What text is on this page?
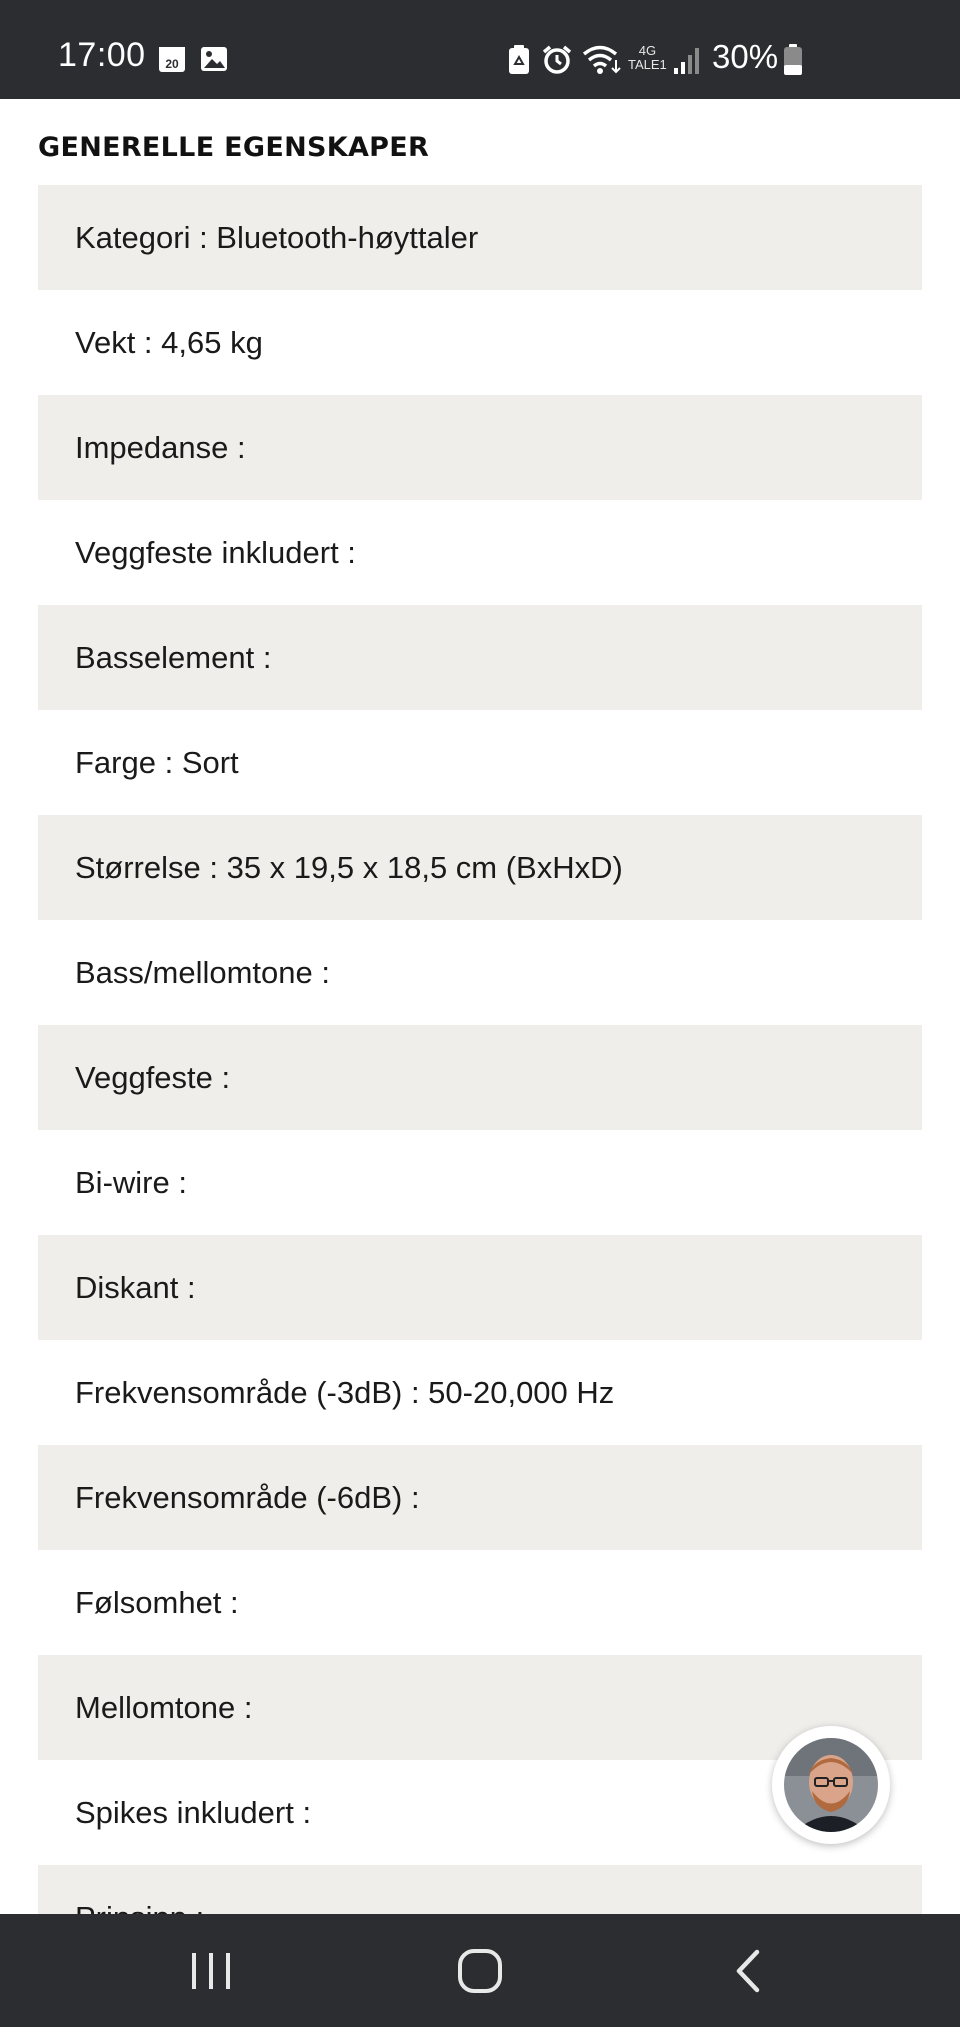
17:00 20
4G
TALE1 30%
GENERELLE EGENSKAPER
Kategori : Bluetooth-høyttaler
Vekt : 4,65 kg
Impedanse :
Veggfeste inkludert :
Basselement :
Farge : Sort
Størrelse : 35 x 19,5 x 18,5 cm (BxHxD)
Bass/mellomtone :
Veggfeste :
Bi-wire :
Diskant :
Frekvensområde (-3dB) : 50-20,000 Hz
Frekvensområde (-6dB) :
Følsomhet :
Mellomtone :
Spikes inkludert :
